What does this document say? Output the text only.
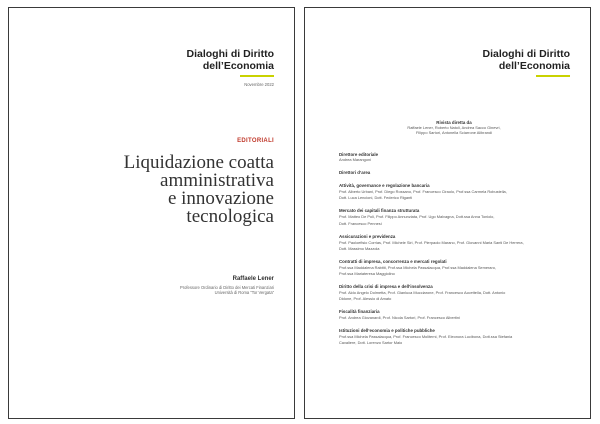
Dialoghi di Diritto
dell’Economia
Novembre 2022
EDITORIALI
Liquidazione coatta
amministrativa
e innovazione
tecnologica
Raffaele Lener
Professore Ordinario di Diritto dei Mercati Finanziari
Università di Roma “Tor Vergata”
Dialoghi di Diritto
dell’Economia
Rivista diretta da
Raffaele Lener, Roberto Natoli, Andrea Sacco Ginevri,
Filippo Sartori, Antonella Sciarrone Alibrandi
Direttore editoriale
Andrea Marangoni
Direttori d’area
Attività, governance e regolazione bancaria
Prof. Alberto Urbani, Prof. Diego Rossano, Prof. Francesco Ciraolo, Prof.ssa Carmela Robustella,
Dott. Luca Lencioni, Dott. Federico Riganti
Mercato dei capitali finanza strutturata
Prof. Matteo De Poli, Prof. Filippo Annunziata, Prof. Ugo Malvagna, Dott.ssa Anna Toniolo,
Dott. Francesco Pennesi
Assicurazioni e previdenza
Prof. Paoloefisio Corrias, Prof. Michele Siri, Prof. Pierpaolo Marano, Prof. Giovanni Maria Santi De Herrera,
Dott. Massimo Mazzola
Contratti di impresa, concorrenza e mercati regolati
Prof.ssa Maddalena Rabitti, Prof.ssa Michela Passalacqua, Prof.ssa Maddalena Semeraro,
Prof.ssa Mariateresa Maggiolino
Diritto della crisi di impresa e dell’insolvenza
Prof. Aldo Angelo Dolmetta, Prof. Gianluca Mucciarone, Prof. Francesco Accettella, Dott. Antonio
Didone, Prof. Alessio di Amato
Fiscalità finanziaria
Prof. Andrea Giovanardi, Prof. Nicola Sartori, Prof. Francesco Albertini
Istituzioni dell’economia e politiche pubbliche
Prof.ssa Michela Passalacqua, Prof. Francesco Moliterni, Prof. Eleonora Lucibona, Dott.ssa Stefania
Cavaliere, Dott. Lorenzo Sartor Maio
